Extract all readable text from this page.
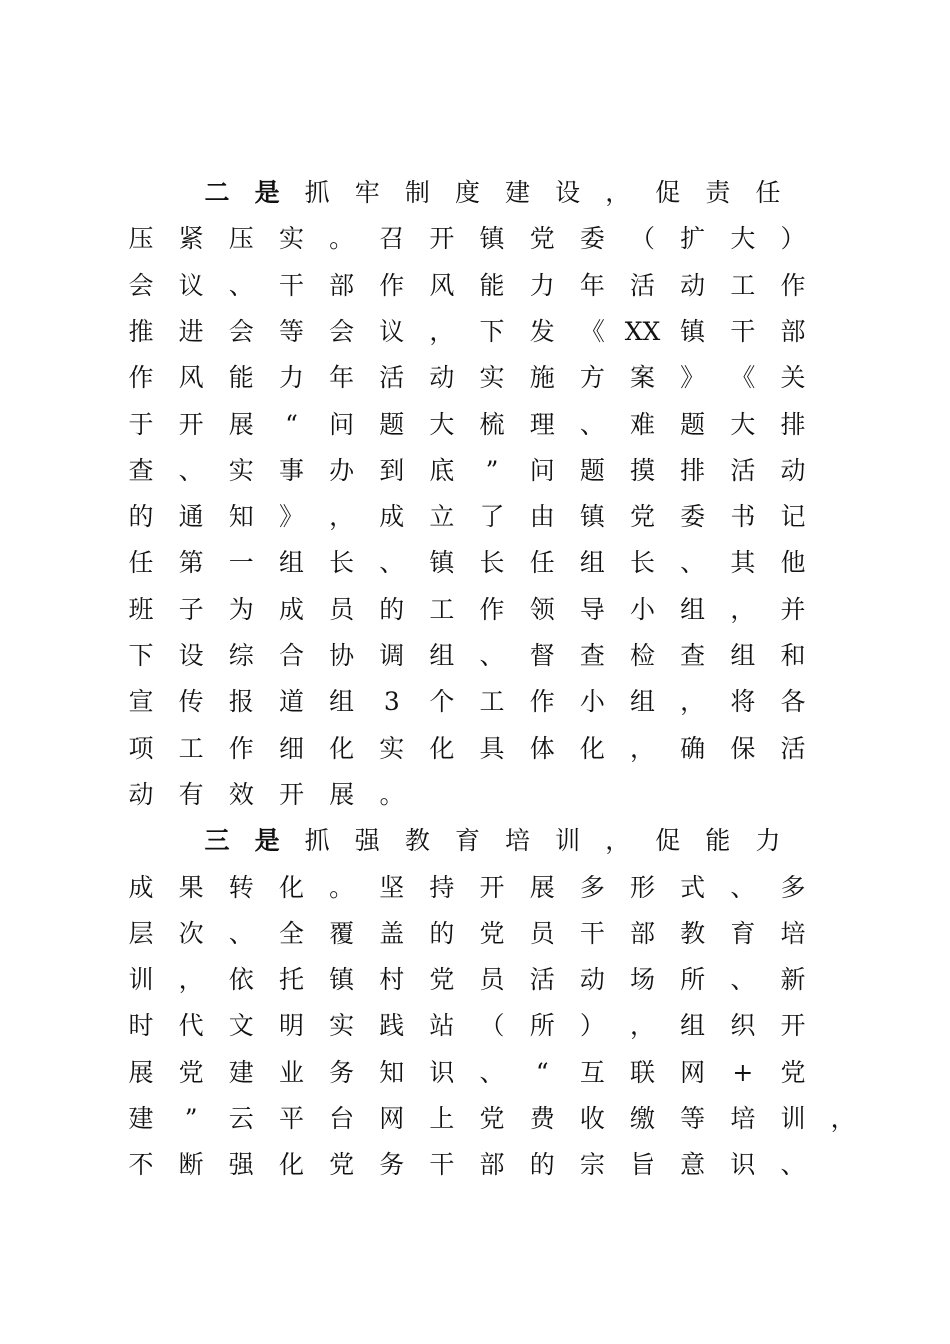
二	是	抓	牢	制	度	建	设	，	促	责	任
压	紧	压	实	。	召	开	镇	党	委	（	扩	大	）
会	议	、	干	部	作	风	能	力	年	活	动	工	作
推	进	会	等	会	议	，	下	发	《 XX 镇	干	部
作	风	能	力	年	活	动	实	施	方	案	》	《	关
于	开	展	“	问	题	大	梳	理	、	难	题	大	排
查	、	实	事	办	到	底	”	问	题	摸	排	活	动
的	通	知	》	，	成	立	了	由	镇	党	委	书	记
任	第	一	组	长	、	镇	长	任	组	长	、	其	他
班	子	为	成	员	的	工	作	领	导	小	组	，	并
下	设	综	合	协	调	组	、	督	查	检	查	组	和
宣	传	报	道	组	3	个	工	作	小	组	，	将	各
项	工	作	细	化	实	化	具	体	化	，	确	保	活
动	有	效	开	展	。
三	是	抓	强	教	育	培	训	，	促	能	力
成	果	转	化	。	坚	持	开	展	多	形	式	、	多
层	次	、	全	覆	盖	的	党	员	干	部	教	育	培
训	，	依	托	镇	村	党	员	活	动	场	所	、	新
时	代	文	明	实	践	站	（	所	）	，	组	织	开
展	党	建	业	务	知	识	、	“	互	联	网	+	党
建	”	云	平	台	网	上	党	费	收	缴	等	培	训	，
不	断	强	化	党	务	干	部	的	宗	旨	意	识	、
